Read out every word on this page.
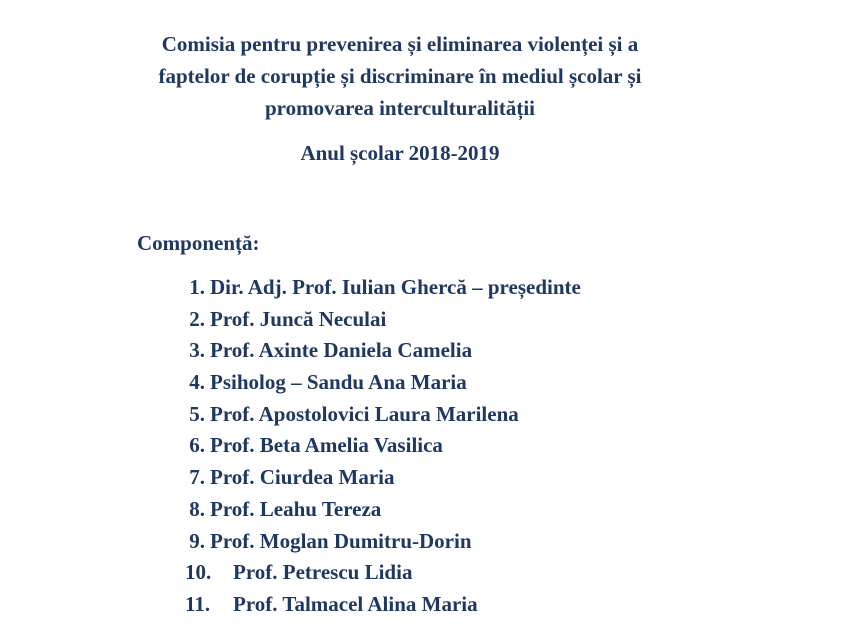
Comisia pentru prevenirea și eliminarea violenței și a
faptelor de corupție și discriminare în mediul școlar și
promovarea interculturalității
Anul școlar 2018-2019
Componență:
1. Dir. Adj. Prof. Iulian Ghercă – președinte
2. Prof. Juncă Neculai
3. Prof. Axinte Daniela Camelia
4. Psiholog – Sandu Ana Maria
5. Prof. Apostolovici Laura Marilena
6. Prof. Beta Amelia Vasilica
7. Prof. Ciurdea Maria
8. Prof. Leahu Tereza
9. Prof. Moglan Dumitru-Dorin
10. Prof. Petrescu Lidia
11. Prof. Talmacel Alina Maria
